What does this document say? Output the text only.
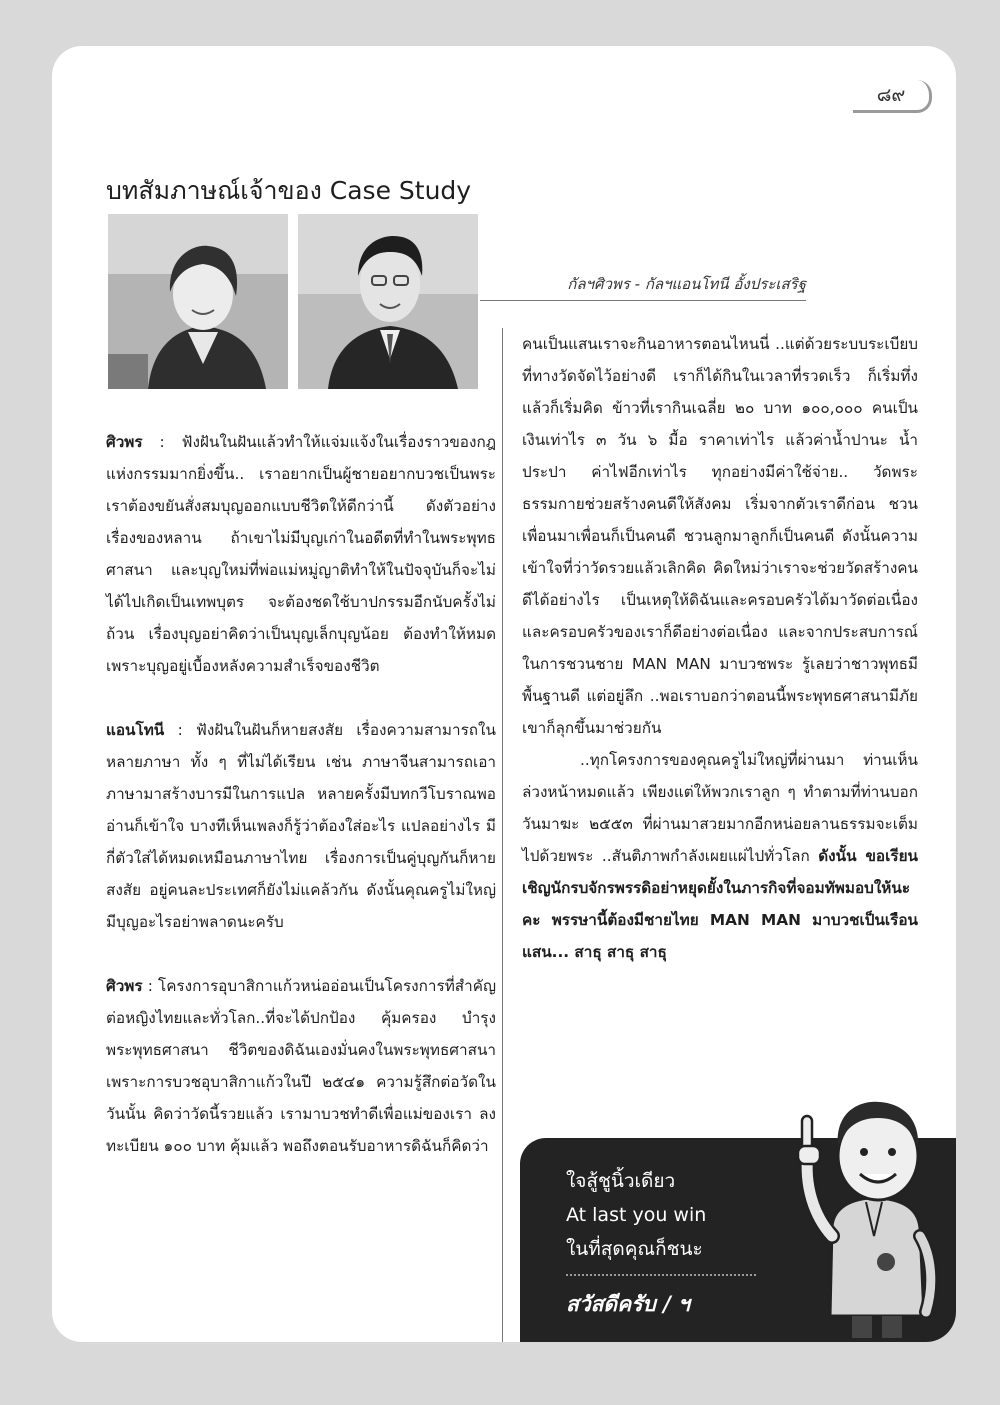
๘๙
บทสัมภาษณ์เจ้าของ Case Study
กัลฯศิวพร - กัลฯแอนโทนี อั้งประเสริฐ

ศิวพร : ฟังฝันในฝันแล้วทำให้แจ่มแจ้งในเรื่องราวของกฎแห่งกรรมมากยิ่งขึ้น.. เราอยากเป็นผู้ชายอยากบวชเป็นพระ เราต้องขยันสั่งสมบุญออกแบบชีวิตให้ดีกว่านี้ ดังตัวอย่างเรื่องของหลาน ถ้าเขาไม่มีบุญเก่าในอดีตที่ทำในพระพุทธศาสนา และบุญใหม่ที่พ่อแม่หมู่ญาติทำให้ในปัจจุบันก็จะไม่ได้ไปเกิดเป็นเทพบุตร จะต้องชดใช้บาปกรรมอีกนับครั้งไม่ถ้วน เรื่องบุญอย่าคิดว่าเป็นบุญเล็กบุญน้อย ต้องทำให้หมด เพราะบุญอยู่เบื้องหลังความสำเร็จของชีวิต

แอนโทนี : ฟังฝันในฝันก็หายสงสัย เรื่องความสามารถในหลายภาษา ทั้ง ๆ ที่ไม่ได้เรียน เช่น ภาษาจีนสามารถเอาภาษามาสร้างบารมีในการแปล หลายครั้งมีบทกวีโบราณพออ่านก็เข้าใจ บางทีเห็นเพลงก็รู้ว่าต้องใส่อะไร แปลอย่างไร มีกี่ตัวใส่ได้หมดเหมือนภาษาไทย เรื่องการเป็นคู่บุญกันก็หายสงสัย อยู่คนละประเทศก็ยังไม่แคล้วกัน ดังนั้นคุณครูไม่ใหญ่มีบุญอะไรอย่าพลาดนะครับ

ศิวพร : โครงการอุบาสิกาแก้วหน่ออ่อนเป็นโครงการที่สำคัญต่อหญิงไทยและทั่วโลก..ที่จะได้ปกป้อง คุ้มครอง บำรุงพระพุทธศาสนา ชีวิตของดิฉันเองมั่นคงในพระพุทธศาสนา เพราะการบวชอุบาสิกาแก้วในปี ๒๕๔๑ ความรู้สึกต่อวัดในวันนั้น คิดว่าวัดนี้รวยแล้ว เรามาบวชทำดีเพื่อแม่ของเรา ลงทะเบียน ๑๐๐ บาท คุ้มแล้ว พอถึงตอนรับอาหารดิฉันก็คิดว่า

คนเป็นแสนเราจะกินอาหารตอนไหนนี่ ..แต่ด้วยระบบระเบียบที่ทางวัดจัดไว้อย่างดี เราก็ได้กินในเวลาที่รวดเร็ว ก็เริ่มทึ่ง แล้วก็เริ่มคิด ข้าวที่เรากินเฉลี่ย ๒๐ บาท ๑๐๐,๐๐๐ คนเป็นเงินเท่าไร ๓ วัน ๖ มื้อ ราคาเท่าไร แล้วค่าน้ำปานะ น้ำประปา ค่าไฟอีกเท่าไร ทุกอย่างมีค่าใช้จ่าย.. วัดพระธรรมกายช่วยสร้างคนดีให้สังคม เริ่มจากตัวเราดีก่อน ชวนเพื่อนมาเพื่อนก็เป็นคนดี ชวนลูกมาลูกก็เป็นคนดี ดังนั้นความเข้าใจที่ว่าวัดรวยแล้วเลิกคิด คิดใหม่ว่าเราจะช่วยวัดสร้างคนดีได้อย่างไร เป็นเหตุให้ดิฉันและครอบครัวได้มาวัดต่อเนื่อง และครอบครัวของเราก็ดีอย่างต่อเนื่อง และจากประสบการณ์ในการชวนชาย MAN MAN มาบวชพระ รู้เลยว่าชาวพุทธมีพื้นฐานดี แต่อยู่ลึก ..พอเราบอกว่าตอนนี้พระพุทธศาสนามีภัย เขาก็ลุกขึ้นมาช่วยกัน

..ทุกโครงการของคุณครูไม่ใหญ่ที่ผ่านมา ท่านเห็นล่วงหน้าหมดแล้ว เพียงแต่ให้พวกเราลูก ๆ ทำตามที่ท่านบอก วันมาฆะ ๒๕๕๓ ที่ผ่านมาสวยมากอีกหน่อยลานธรรมจะเต็มไปด้วยพระ ..สันติภาพกำลังเผยแผ่ไปทั่วโลก ดังนั้น ขอเรียนเชิญนักรบจักรพรรดิอย่าหยุดยั้งในภารกิจที่จอมทัพมอบให้นะคะ พรรษานี้ต้องมีชายไทย MAN MAN มาบวชเป็นเรือนแสน... สาธุ สาธุ สาธุ

ใจสู้ชูนิ้วเดียว
At last you win
ในที่สุดคุณก็ชนะ
สวัสดีครับ / ฯ
